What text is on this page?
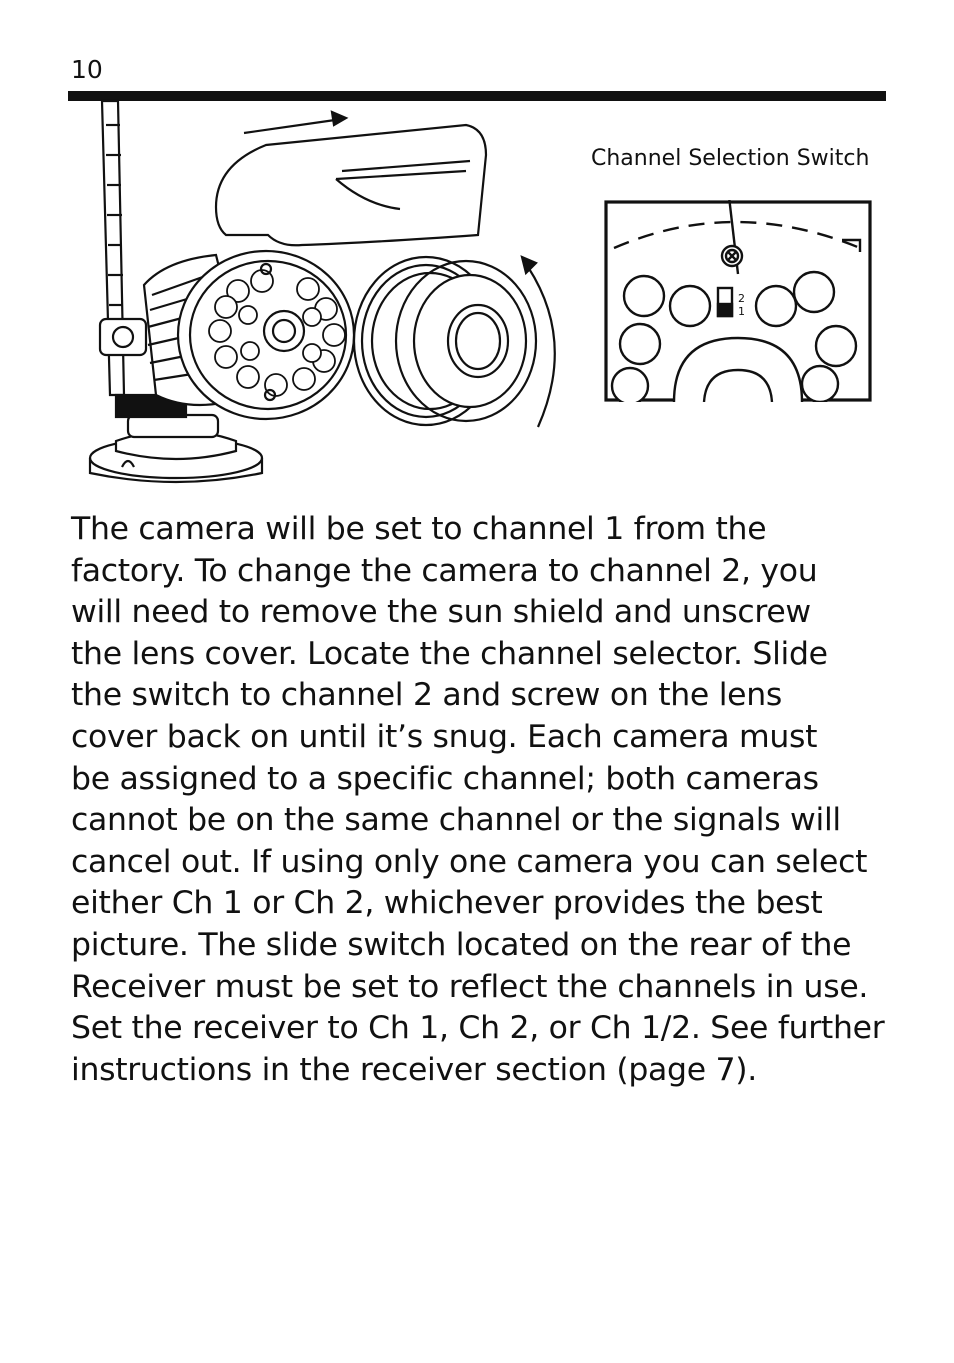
10
Channel Selection Switch
2
1

The camera will be set to channel 1 from the
factory. To change the camera to channel 2, you
will need to remove the sun shield and unscrew
the lens cover. Locate the channel selector. Slide
the switch to channel 2 and screw on the lens
cover back on until it’s snug. Each camera must
be assigned to a specific channel; both cameras
cannot be on the same channel or the signals will
cancel out. If using only one camera you can select
either Ch 1 or Ch 2, whichever provides the best
picture. The slide switch located on the rear of the
Receiver must be set to reflect the channels in use.
Set the receiver to Ch 1, Ch 2, or Ch 1/2. See further
instructions in the receiver section (page 7).
